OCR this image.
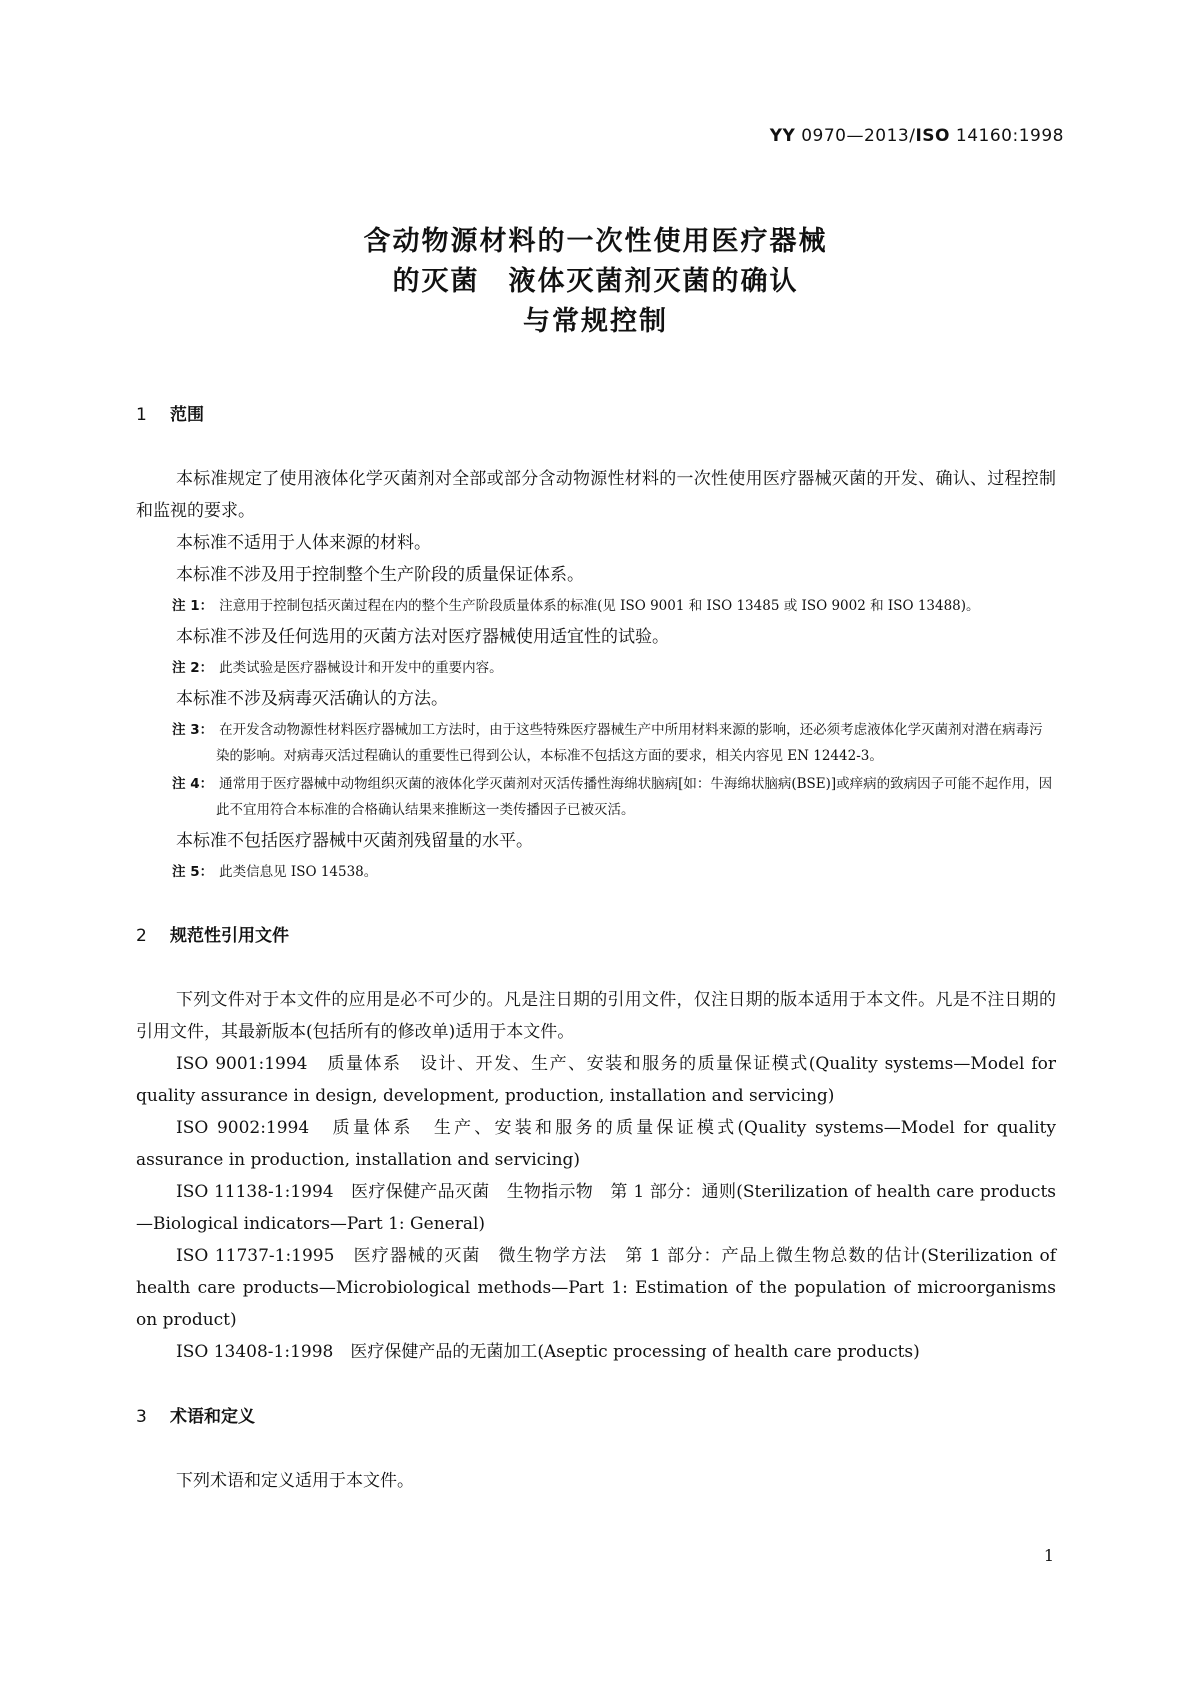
YY 0970—2013/ISO 14160:1998
含动物源材料的一次性使用医疗器械
的灭菌　液体灭菌剂灭菌的确认
与常规控制
1 范围

本标准规定了使用液体化学灭菌剂对全部或部分含动物源性材料的一次性使用医疗器械灭菌的开发、确认、过程控制和监视的要求。

本标准不适用于人体来源的材料。

本标准不涉及用于控制整个生产阶段的质量保证体系。

注 1： 注意用于控制包括灭菌过程在内的整个生产阶段质量体系的标准(见 ISO 9001 和 ISO 13485 或 ISO 9002 和 ISO 13488)。

本标准不涉及任何选用的灭菌方法对医疗器械使用适宜性的试验。

注 2： 此类试验是医疗器械设计和开发中的重要内容。

本标准不涉及病毒灭活确认的方法。

注 3： 在开发含动物源性材料医疗器械加工方法时，由于这些特殊医疗器械生产中所用材料来源的影响，还必须考虑液体化学灭菌剂对潜在病毒污染的影响。对病毒灭活过程确认的重要性已得到公认，本标准不包括这方面的要求，相关内容见 EN 12442-3。
注 4： 通常用于医疗器械中动物组织灭菌的液体化学灭菌剂对灭活传播性海绵状脑病[如：牛海绵状脑病(BSE)]或痒病的致病因子可能不起作用，因此不宜用符合本标准的合格确认结果来推断这一类传播因子已被灭活。

本标准不包括医疗器械中灭菌剂残留量的水平。

注 5： 此类信息见 ISO 14538。
2 规范性引用文件

下列文件对于本文件的应用是必不可少的。凡是注日期的引用文件，仅注日期的版本适用于本文件。凡是不注日期的引用文件，其最新版本(包括所有的修改单)适用于本文件。

ISO 9001:1994　质量体系　设计、开发、生产、安装和服务的质量保证模式(Quality systems—Model for quality assurance in design, development, production, installation and servicing)

ISO 9002:1994　质量体系　生产、安装和服务的质量保证模式(Quality systems—Model for quality assurance in production, installation and servicing)

ISO 11138-1:1994　医疗保健产品灭菌　生物指示物　第 1 部分：通则(Sterilization of health care products—Biological indicators—Part 1: General)

ISO 11737-1:1995　医疗器械的灭菌　微生物学方法　第 1 部分：产品上微生物总数的估计(Sterilization of health care products—Microbiological methods—Part 1: Estimation of the population of microorganisms on product)

ISO 13408-1:1998　医疗保健产品的无菌加工(Aseptic processing of health care products)

3 术语和定义

下列术语和定义适用于本文件。

1
